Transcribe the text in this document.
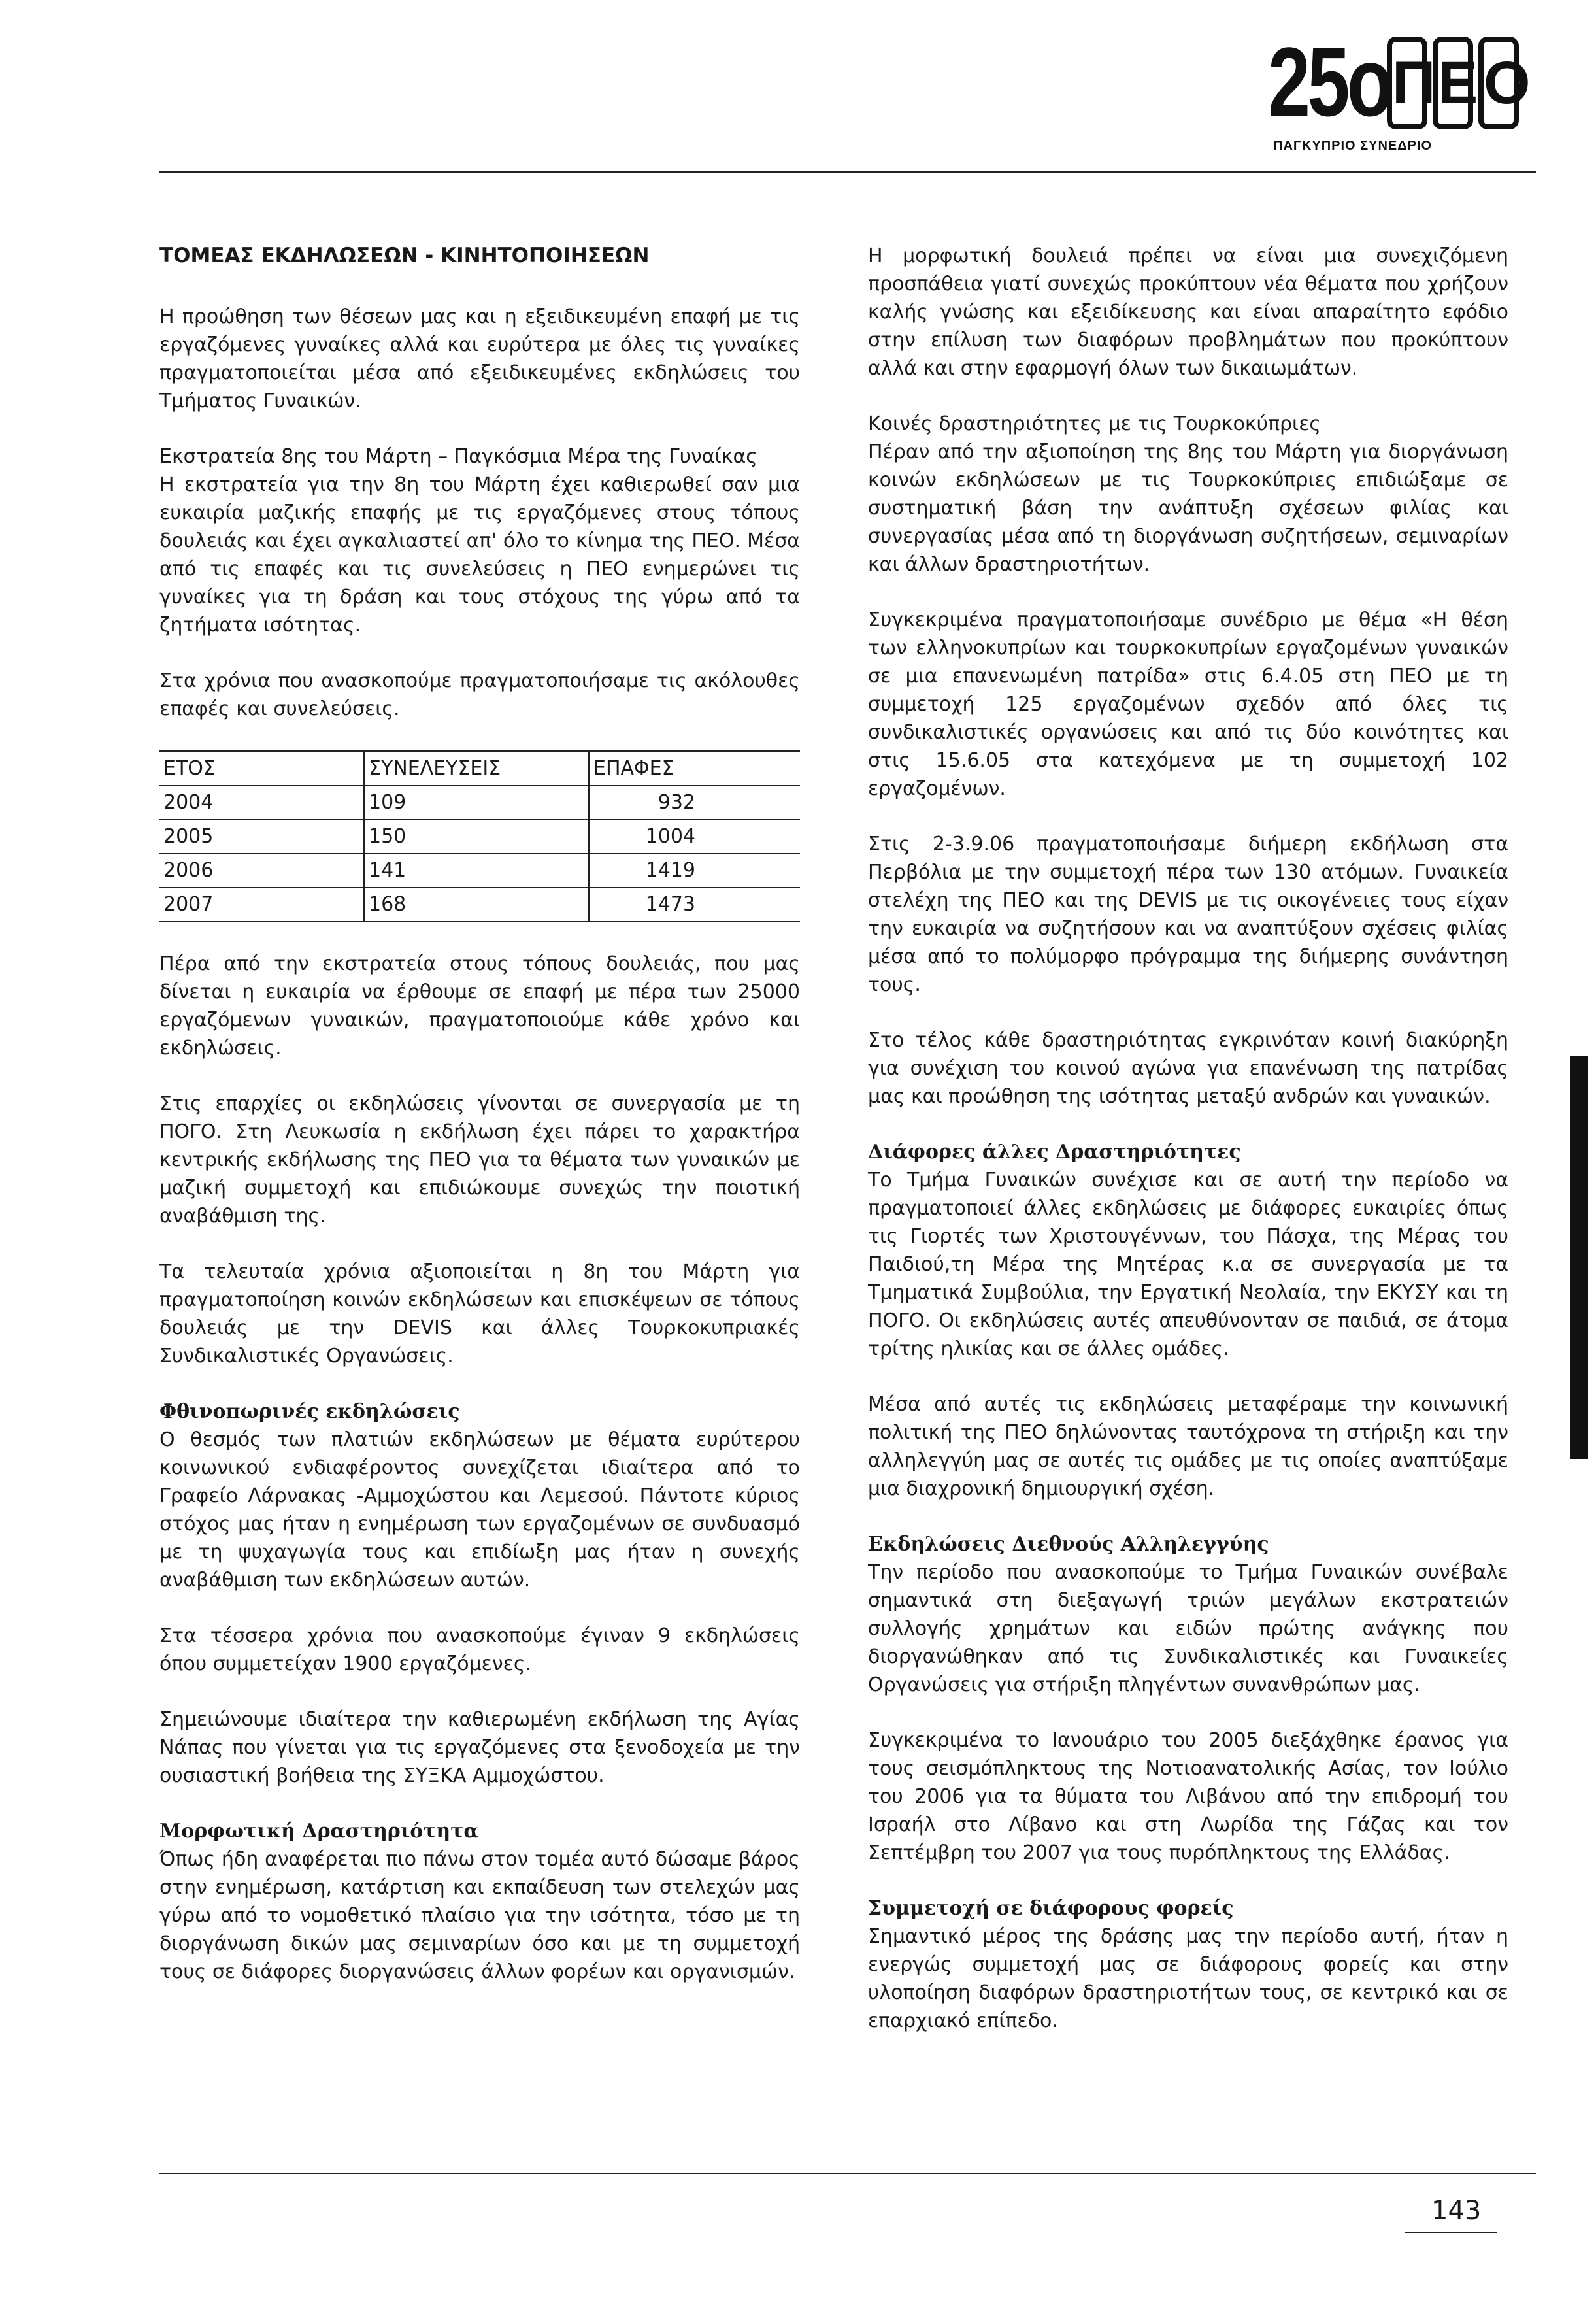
25ο Π Ε Ο
ΠΑΓΚΥΠΡΙΟ ΣΥΝΕΔΡΙΟ
ΤΟΜΕΑΣ ΕΚΔΗΛΩΣΕΩΝ - ΚΙΝΗΤΟΠΟΙΗΣΕΩΝ

Η προώθηση των θέσεων μας και η εξειδικευμένη επαφή με τις εργαζόμενες γυναίκες αλλά και ευρύτερα με όλες τις γυναίκες πραγματοποιείται μέσα από εξειδικευμένες εκδηλώσεις του Τμήματος Γυναικών.

Εκστρατεία 8ης του Μάρτη – Παγκόσμια Μέρα της Γυναίκας

Η εκστρατεία για την 8η του Μάρτη έχει καθιερωθεί σαν μια ευκαιρία μαζικής επαφής με τις εργαζόμενες στους τόπους δουλειάς και έχει αγκαλιαστεί απ' όλο το κίνημα της ΠΕΟ. Μέσα από τις επαφές και τις συνελεύσεις η ΠΕΟ ενημερώνει τις γυναίκες για τη δράση και τους στόχους της γύρω από τα ζητήματα ισότητας.

Στα χρόνια που ανασκοπούμε πραγματοποιήσαμε τις ακόλουθες επαφές και συνελεύσεις.

ΕΤΟΣ	ΣΥΝΕΛΕΥΣΕΙΣ	ΕΠΑΦΕΣ
2004	109	932
2005	150	1004
2006	141	1419
2007	168	1473

Πέρα από την εκστρατεία στους τόπους δουλειάς, που μας δίνεται η ευκαιρία να έρθουμε σε επαφή με πέρα των 25000 εργαζόμενων γυναικών, πραγματοποιούμε κάθε χρόνο και εκδηλώσεις.

Στις επαρχίες οι εκδηλώσεις γίνονται σε συνεργασία με τη ΠΟΓΟ. Στη Λευκωσία η εκδήλωση έχει πάρει το χαρακτήρα κεντρικής εκδήλωσης της ΠΕΟ για τα θέματα των γυναικών με μαζική συμμετοχή και επιδιώκουμε συνεχώς την ποιοτική αναβάθμιση της.

Τα τελευταία χρόνια αξιοποιείται η 8η του Μάρτη για πραγματοποίηση κοινών εκδηλώσεων και επισκέψεων σε τόπους δουλειάς με την DEVIS και άλλες Τουρκοκυπριακές Συνδικαλιστικές Οργανώσεις.

Φθινοπωρινές εκδηλώσεις

Ο θεσμός των πλατιών εκδηλώσεων με θέματα ευρύτερου κοινωνικού ενδιαφέροντος συνεχίζεται ιδιαίτερα από το Γραφείο Λάρνακας -Αμμοχώστου και Λεμεσού. Πάντοτε κύριος στόχος μας ήταν η ενημέρωση των εργαζομένων σε συνδυασμό με τη ψυχαγωγία τους και επιδίωξη μας ήταν η συνεχής αναβάθμιση των εκδηλώσεων αυτών.

Στα τέσσερα χρόνια που ανασκοπούμε έγιναν 9 εκδηλώσεις όπου συμμετείχαν 1900 εργαζόμενες.

Σημειώνουμε ιδιαίτερα την καθιερωμένη εκδήλωση της Αγίας Νάπας που γίνεται για τις εργαζόμενες στα ξενοδοχεία με την ουσιαστική βοήθεια της ΣΥΞΚΑ Αμμοχώστου.

Μορφωτική Δραστηριότητα

Όπως ήδη αναφέρεται πιο πάνω στον τομέα αυτό δώσαμε βάρος στην ενημέρωση, κατάρτιση και εκπαίδευση των στελεχών μας γύρω από το νομοθετικό πλαίσιο για την ισότητα, τόσο με τη διοργάνωση δικών μας σεμιναρίων όσο και με τη συμμετοχή τους σε διάφορες διοργανώσεις άλλων φορέων και οργανισμών.

Η μορφωτική δουλειά πρέπει να είναι μια συνεχιζόμενη προσπάθεια γιατί συνεχώς προκύπτουν νέα θέματα που χρήζουν καλής γνώσης και εξειδίκευσης και είναι απαραίτητο εφόδιο στην επίλυση των διαφόρων προβλημάτων που προκύπτουν αλλά και στην εφαρμογή όλων των δικαιωμάτων.

Κοινές δραστηριότητες με τις Τουρκοκύπριες

Πέραν από την αξιοποίηση της 8ης του Μάρτη για διοργάνωση κοινών εκδηλώσεων με τις Τουρκοκύπριες επιδιώξαμε σε συστηματική βάση την ανάπτυξη σχέσεων φιλίας και συνεργασίας μέσα από τη διοργάνωση συζητήσεων, σεμιναρίων και άλλων δραστηριοτήτων.

Συγκεκριμένα πραγματοποιήσαμε συνέδριο με θέμα «Η θέση των ελληνοκυπρίων και τουρκοκυπρίων εργαζομένων γυναικών σε μια επανενωμένη πατρίδα» στις 6.4.05 στη ΠΕΟ με τη συμμετοχή 125 εργαζομένων σχεδόν από όλες τις συνδικαλιστικές οργανώσεις και από τις δύο κοινότητες και στις 15.6.05 στα κατεχόμενα με τη συμμετοχή 102 εργαζομένων.

Στις 2-3.9.06 πραγματοποιήσαμε διήμερη εκδήλωση στα Περβόλια με την συμμετοχή πέρα των 130 ατόμων. Γυναικεία στελέχη της ΠΕΟ και της DEVIS με τις οικογένειες τους είχαν την ευκαιρία να συζητήσουν και να αναπτύξουν σχέσεις φιλίας μέσα από το πολύμορφο πρόγραμμα της διήμερης συνάντηση τους.

Στο τέλος κάθε δραστηριότητας εγκρινόταν κοινή διακύρηξη για συνέχιση του κοινού αγώνα για επανένωση της πατρίδας μας και προώθηση της ισότητας μεταξύ ανδρών και γυναικών.

Διάφορες άλλες Δραστηριότητες

Το Τμήμα Γυναικών συνέχισε και σε αυτή την περίοδο να πραγματοποιεί άλλες εκδηλώσεις με διάφορες ευκαιρίες όπως τις Γιορτές των Χριστουγέννων, του Πάσχα, της Μέρας του Παιδιού,τη Μέρα της Μητέρας κ.α σε συνεργασία με τα Τμηματικά Συμβούλια, την Εργατική Νεολαία, την ΕΚΥΣΥ και τη ΠΟΓΟ. Οι εκδηλώσεις αυτές απευθύνονταν σε παιδιά, σε άτομα τρίτης ηλικίας και σε άλλες ομάδες.

Μέσα από αυτές τις εκδηλώσεις μεταφέραμε την κοινωνική πολιτική της ΠΕΟ δηλώνοντας ταυτόχρονα τη στήριξη και την αλληλεγγύη μας σε αυτές τις ομάδες με τις οποίες αναπτύξαμε μια διαχρονική δημιουργική σχέση.

Εκδηλώσεις Διεθνούς Αλληλεγγύης

Την περίοδο που ανασκοπούμε το Τμήμα Γυναικών συνέβαλε σημαντικά στη διεξαγωγή τριών μεγάλων εκστρατειών συλλογής χρημάτων και ειδών πρώτης ανάγκης που διοργανώθηκαν από τις Συνδικαλιστικές και Γυναικείες Οργανώσεις για στήριξη πληγέντων συνανθρώπων μας.

Συγκεκριμένα το Ιανουάριο του 2005 διεξάχθηκε έρανος για τους σεισμόπληκτους της Νοτιοανατολικής Ασίας, τον Ιούλιο του 2006 για τα θύματα του Λιβάνου από την επιδρομή του Ισραήλ στο Λίβανο και στη Λωρίδα της Γάζας και τον Σεπτέμβρη του 2007 για τους πυρόπληκτους της Ελλάδας.

Συμμετοχή σε διάφορους φορείς

Σημαντικό μέρος της δράσης μας την περίοδο αυτή, ήταν η ενεργώς συμμετοχή μας σε διάφορους φορείς και στην υλοποίηση διαφόρων δραστηριοτήτων τους, σε κεντρικό και σε επαρχιακό επίπεδο.

143
